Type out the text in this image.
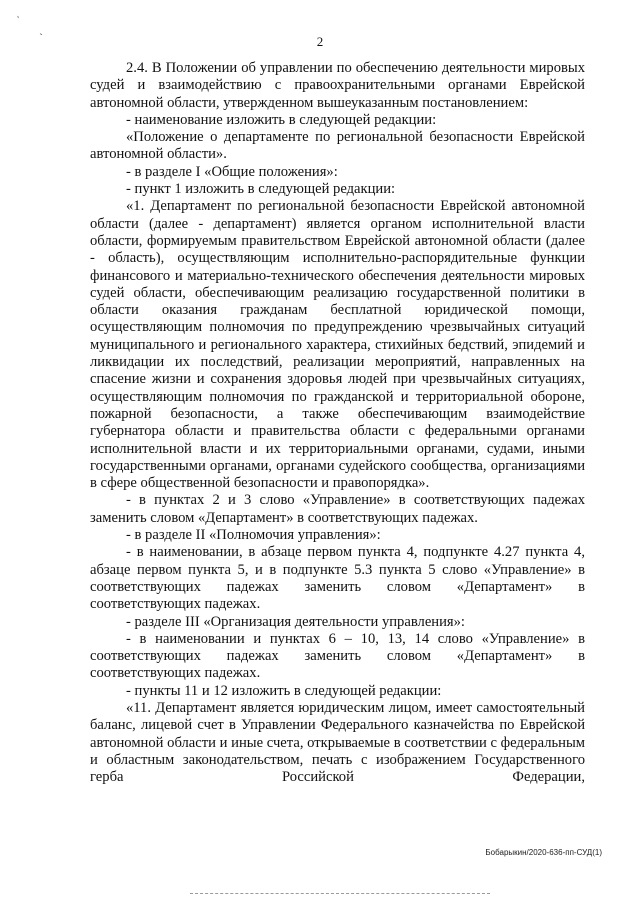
ˋ
ˎ
2

2.4. В Положении об управлении по обеспечению деятельности мировых судей и взаимодействию с правоохранительными органами Еврейской автономной области, утвержденном вышеуказанным постановлением:

- наименование изложить в следующей редакции:

«Положение о департаменте по региональной безопасности Еврейской автономной области».

- в разделе I «Общие положения»:

- пункт 1 изложить в следующей редакции:

«1. Департамент по региональной безопасности Еврейской автономной области (далее - департамент) является органом исполнительной власти области, формируемым правительством Еврейской автономной области (далее - область), осуществляющим исполнительно-распорядительные функции финансового и материально-технического обеспечения деятельности мировых судей области, обеспечивающим реализацию государственной политики в области оказания гражданам бесплатной юридической помощи, осуществляющим полномочия по предупреждению чрезвычайных ситуаций муниципального и регионального характера, стихийных бедствий, эпидемий и ликвидации их последствий, реализации мероприятий, направленных на спасение жизни и сохранения здоровья людей при чрезвычайных ситуациях, осуществляющим полномочия по гражданской и территориальной обороне, пожарной безопасности, а также обеспечивающим взаимодействие губернатора области и правительства области с федеральными органами исполнительной власти и их территориальными органами, судами, иными государственными органами, органами судейского сообщества, организациями в сфере общественной безопасности и правопорядка».

- в пунктах 2 и 3 слово «Управление» в соответствующих падежах заменить словом «Департамент» в соответствующих падежах.

- в разделе II «Полномочия управления»:

- в наименовании, в абзаце первом пункта 4, подпункте 4.27 пункта 4, абзаце первом пункта 5, и в подпункте 5.3 пункта 5 слово «Управление» в соответствующих падежах заменить словом «Департамент» в соответствующих падежах.

- разделе III «Организация деятельности управления»:

- в наименовании и пунктах 6 – 10, 13, 14 слово «Управление» в соответствующих падежах заменить словом «Департамент» в соответствующих падежах.

- пункты 11 и 12 изложить в следующей редакции:

«11. Департамент является юридическим лицом, имеет самостоятельный баланс, лицевой счет в Управлении Федерального казначейства по Еврейской автономной области и иные счета, открываемые в соответствии с федеральным и областным законодательством, печать с изображением Государственного герба Российской Федерации,

Бобарыкин/2020-636-пп-СУД(1)
